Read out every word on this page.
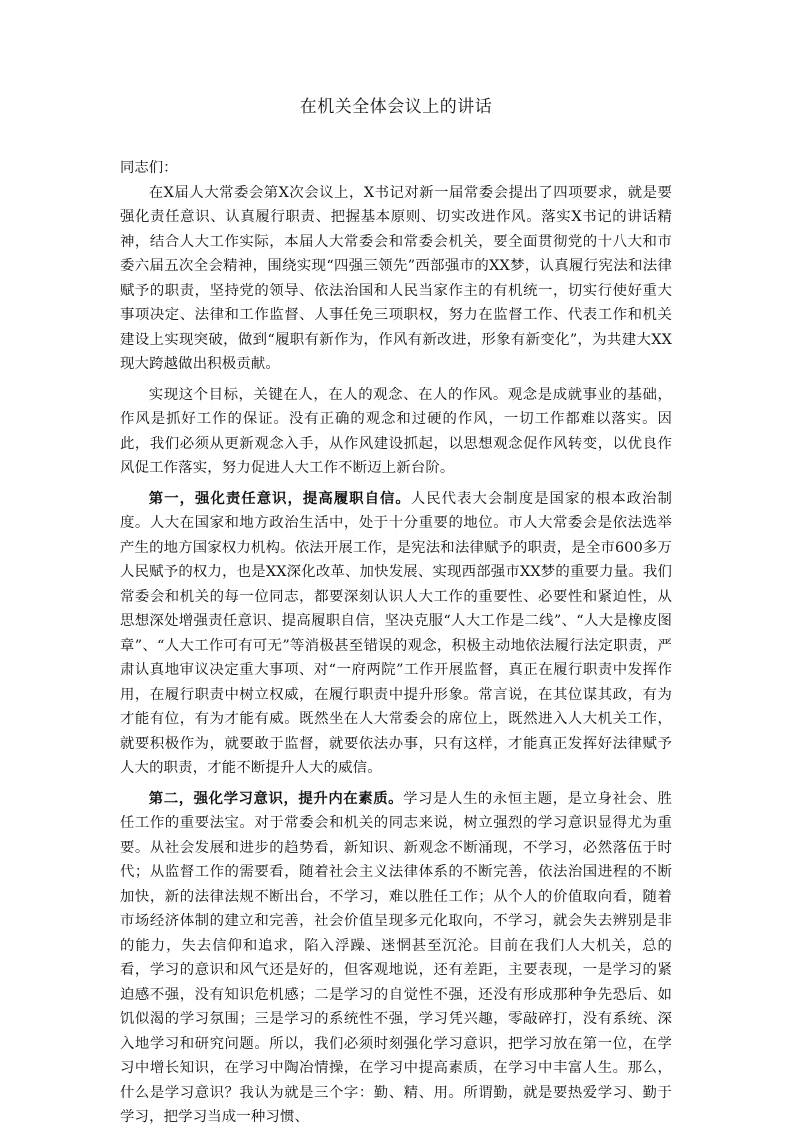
在机关全体会议上的讲话

同志们：

在X届人大常委会第X次会议上，X书记对新一届常委会提出了四项要求，就是要强化责任意识、认真履行职责、把握基本原则、切实改进作风。落实X书记的讲话精神，结合人大工作实际，本届人大常委会和常委会机关，要全面贯彻党的十八大和市委六届五次全会精神，围绕实现“四强三领先”西部强市的XX梦，认真履行宪法和法律赋予的职责，坚持党的领导、依法治国和人民当家作主的有机统一，切实行使好重大事项决定、法律和工作监督、人事任免三项职权，努力在监督工作、代表工作和机关建设上实现突破，做到“履职有新作为，作风有新改进，形象有新变化”，为共建大XX现大跨越做出积极贡献。

实现这个目标，关键在人，在人的观念、在人的作风。观念是成就事业的基础，作风是抓好工作的保证。没有正确的观念和过硬的作风，一切工作都难以落实。因此，我们必须从更新观念入手，从作风建设抓起，以思想观念促作风转变，以优良作风促工作落实，努力促进人大工作不断迈上新台阶。

第一，强化责任意识，提高履职自信。人民代表大会制度是国家的根本政治制度。人大在国家和地方政治生活中，处于十分重要的地位。市人大常委会是依法选举产生的地方国家权力机构。依法开展工作，是宪法和法律赋予的职责，是全市600多万人民赋予的权力，也是XX深化改革、加快发展、实现西部强市XX梦的重要力量。我们常委会和机关的每一位同志，都要深刻认识人大工作的重要性、必要性和紧迫性，从思想深处增强责任意识、提高履职自信，坚决克服“人大工作是二线”、“人大是橡皮图章”、“人大工作可有可无”等消极甚至错误的观念，积极主动地依法履行法定职责，严肃认真地审议决定重大事项、对“一府两院”工作开展监督，真正在履行职责中发挥作用，在履行职责中树立权威，在履行职责中提升形象。常言说，在其位谋其政，有为才能有位，有为才能有威。既然坐在人大常委会的席位上，既然进入人大机关工作，就要积极作为，就要敢于监督，就要依法办事，只有这样，才能真正发挥好法律赋予人大的职责，才能不断提升人大的威信。

第二，强化学习意识，提升内在素质。学习是人生的永恒主题，是立身社会、胜任工作的重要法宝。对于常委会和机关的同志来说，树立强烈的学习意识显得尤为重要。从社会发展和进步的趋势看，新知识、新观念不断涌现，不学习，必然落伍于时代；从监督工作的需要看，随着社会主义法律体系的不断完善，依法治国进程的不断加快，新的法律法规不断出台，不学习，难以胜任工作；从个人的价值取向看，随着市场经济体制的建立和完善，社会价值呈现多元化取向，不学习，就会失去辨别是非的能力，失去信仰和追求，陷入浮躁、迷惘甚至沉沦。目前在我们人大机关，总的看，学习的意识和风气还是好的，但客观地说，还有差距，主要表现，一是学习的紧迫感不强，没有知识危机感；二是学习的自觉性不强，还没有形成那种争先恐后、如饥似渴的学习氛围；三是学习的系统性不强，学习凭兴趣，零敲碎打，没有系统、深入地学习和研究问题。所以，我们必须时刻强化学习意识，把学习放在第一位，在学习中增长知识，在学习中陶冶情操，在学习中提高素质，在学习中丰富人生。那么，什么是学习意识？我认为就是三个字：勤、精、用。所谓勤，就是要热爱学习、勤于学习，把学习当成一种习惯、
